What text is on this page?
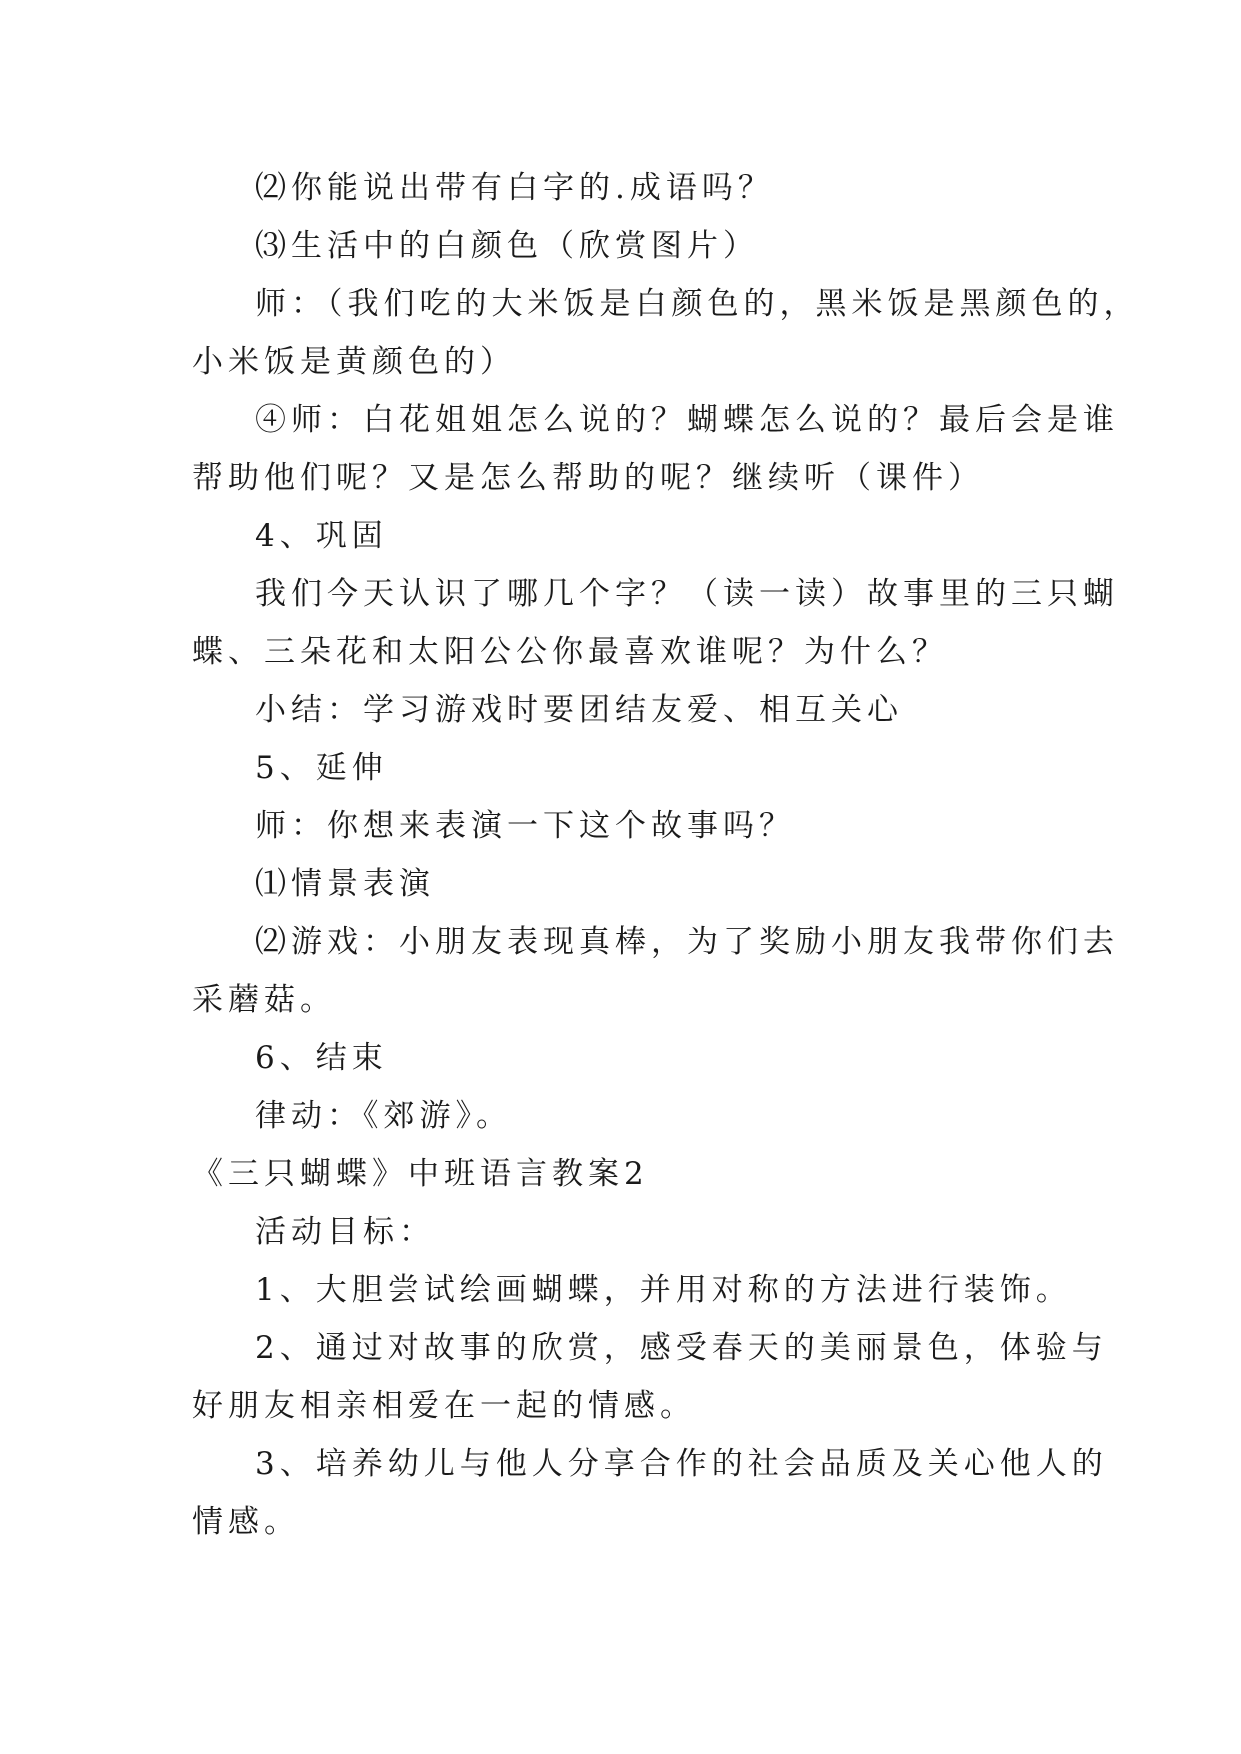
⑵你能说出带有白字的.成语吗？
⑶生活中的白颜色（欣赏图片）
师：（我们吃的大米饭是白颜色的，黑米饭是黑颜色的，
小米饭是黄颜色的）
④师：白花姐姐怎么说的？蝴蝶怎么说的？最后会是谁
帮助他们呢？又是怎么帮助的呢？继续听（课件）
4、巩固
我们今天认识了哪几个字？（读一读）故事里的三只蝴
蝶、三朵花和太阳公公你最喜欢谁呢？为什么？
小结：学习游戏时要团结友爱、相互关心
5、延伸
师：你想来表演一下这个故事吗？
⑴情景表演
⑵游戏：小朋友表现真棒，为了奖励小朋友我带你们去
采蘑菇。
6、结束
律动：《郊游》。
《三只蝴蝶》中班语言教案2
活动目标：
1、大胆尝试绘画蝴蝶，并用对称的方法进行装饰。
2、通过对故事的欣赏，感受春天的美丽景色，体验与
好朋友相亲相爱在一起的情感。
3、培养幼儿与他人分享合作的社会品质及关心他人的
情感。
